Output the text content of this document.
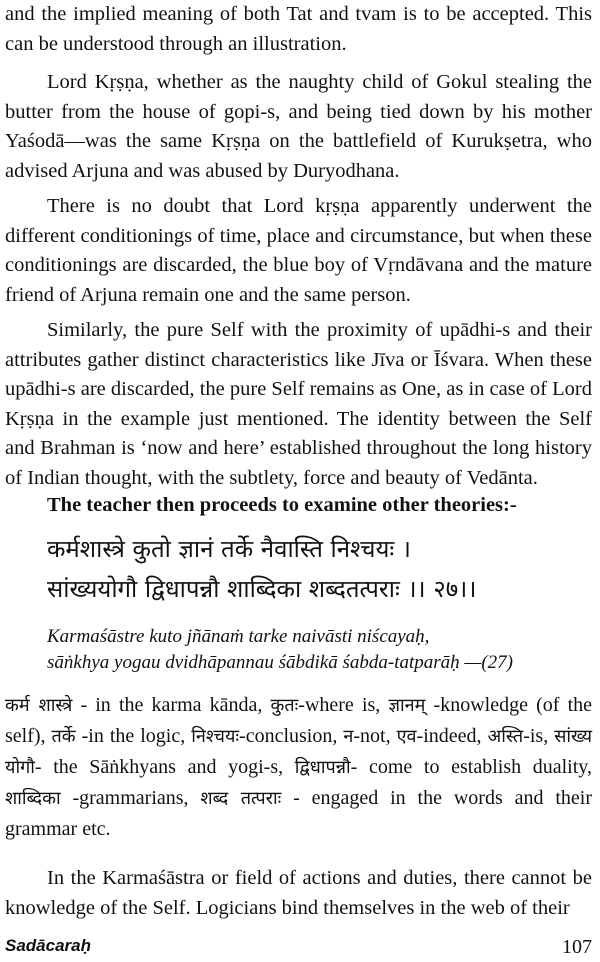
and the implied meaning of both Tat and tvam is to be accepted. This can be understood through an illustration.

Lord Kṛṣṇa, whether as the naughty child of Gokul stealing the butter from the house of gopi-s, and being tied down by his mother Yaśodā—was the same Kṛṣṇa on the battlefield of Kurukṣetra, who advised Arjuna and was abused by Duryodhana.

There is no doubt that Lord kṛṣṇa apparently underwent the different conditionings of time, place and circumstance, but when these conditionings are discarded, the blue boy of Vṛndāvana and the mature friend of Arjuna remain one and the same person.

Similarly, the pure Self with the proximity of upādhi-s and their attributes gather distinct characteristics like Jīva or Īśvara. When these upādhi-s are discarded, the pure Self remains as One, as in case of Lord Kṛṣṇa in the example just mentioned. The identity between the Self and Brahman is ‘now and here’ established throughout the long history of Indian thought, with the subtlety, force and beauty of Vedānta.

The teacher then proceeds to examine other theories:-

कर्मशास्त्रे कुतो ज्ञानं तर्के नैवास्ति निश्चयः ।

सांख्ययोगौ द्विधापन्नौ शाब्दिका शब्दतत्पराः ।। २७।।

Karmaśāstre kuto jñānaṁ tarke naivāsti niścayaḥ,

sāṅkhya yogau dvidhāpannau śābdikā śabda-tatparāḥ —(27)

कर्म शास्त्रे - in the karma kānda, कुतः-where is, ज्ञानम् -knowledge (of the self), तर्के -in the logic, निश्चयः-conclusion, न-not, एव-indeed, अस्ति-is, सांख्य योगौ- the Sāṅkhyans and yogi-s, द्विधापन्नौ- come to establish duality, शाब्दिका -grammarians, शब्द तत्पराः - engaged in the words and their grammar etc.

In the Karmaśāstra or field of actions and duties, there cannot be knowledge of the Self. Logicians bind themselves in the web of their

Sadācaraḥ	107
